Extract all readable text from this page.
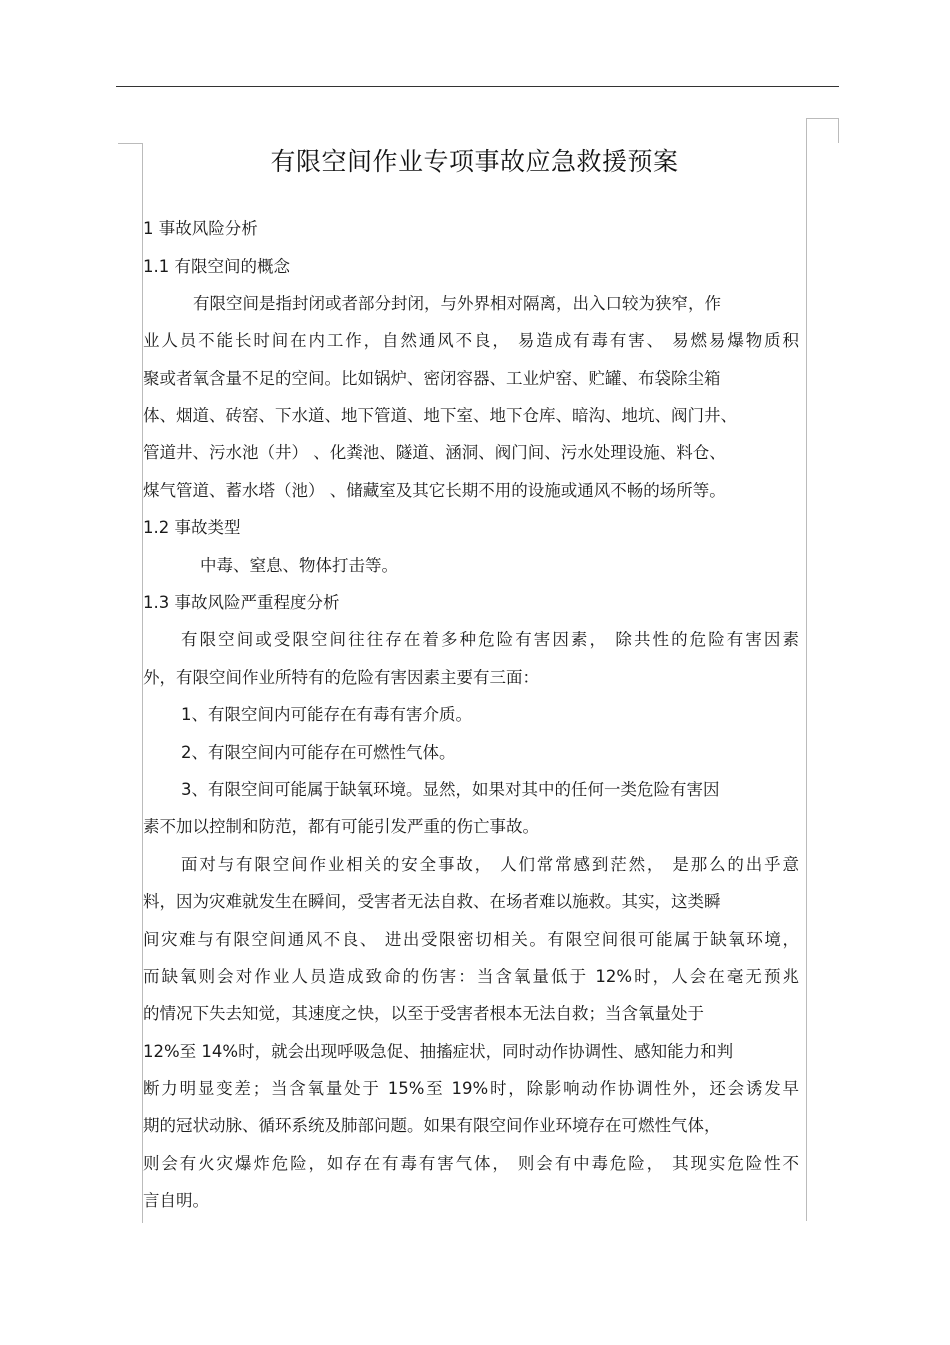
有限空间作业专项事故应急救援预案
1 事故风险分析
1.1 有限空间的概念
有限空间是指封闭或者部分封闭，与外界相对隔离，出入口较为狭窄，作
业人员不能长时间在内工作，自然通风不良， 易造成有毒有害、 易燃易爆物质积
聚或者氧含量不足的空间。比如锅炉、密闭容器、工业炉窑、贮罐、布袋除尘箱
体、烟道、砖窑、下水道、地下管道、地下室、地下仓库、暗沟、地坑、阀门井、
管道井、污水池（井） 、化粪池、隧道、涵洞、阀门间、污水处理设施、料仓、
煤气管道、蓄水塔（池） 、储藏室及其它长期不用的设施或通风不畅的场所等。
1.2 事故类型
中毒、窒息、物体打击等。
1.3 事故风险严重程度分析
有限空间或受限空间往往存在着多种危险有害因素， 除共性的危险有害因素
外，有限空间作业所特有的危险有害因素主要有三面：
1、有限空间内可能存在有毒有害介质。
2、有限空间内可能存在可燃性气体。
3、有限空间可能属于缺氧环境。显然，如果对其中的任何一类危险有害因
素不加以控制和防范，都有可能引发严重的伤亡事故。
面对与有限空间作业相关的安全事故， 人们常常感到茫然， 是那么的出乎意
料，因为灾难就发生在瞬间，受害者无法自救、在场者难以施救。其实，这类瞬
间灾难与有限空间通风不良、 进出受限密切相关。有限空间很可能属于缺氧环境，
而缺氧则会对作业人员造成致命的伤害：当含氧量低于 12%时，人会在毫无预兆
的情况下失去知觉，其速度之快，以至于受害者根本无法自救；当含氧量处于
12%至 14%时，就会出现呼吸急促、抽搐症状，同时动作协调性、感知能力和判
断力明显变差；当含氧量处于 15%至 19%时，除影响动作协调性外，还会诱发早
期的冠状动脉、循环系统及肺部问题。如果有限空间作业环境存在可燃性气体，
则会有火灾爆炸危险，如存在有毒有害气体， 则会有中毒危险， 其现实危险性不
言自明。
